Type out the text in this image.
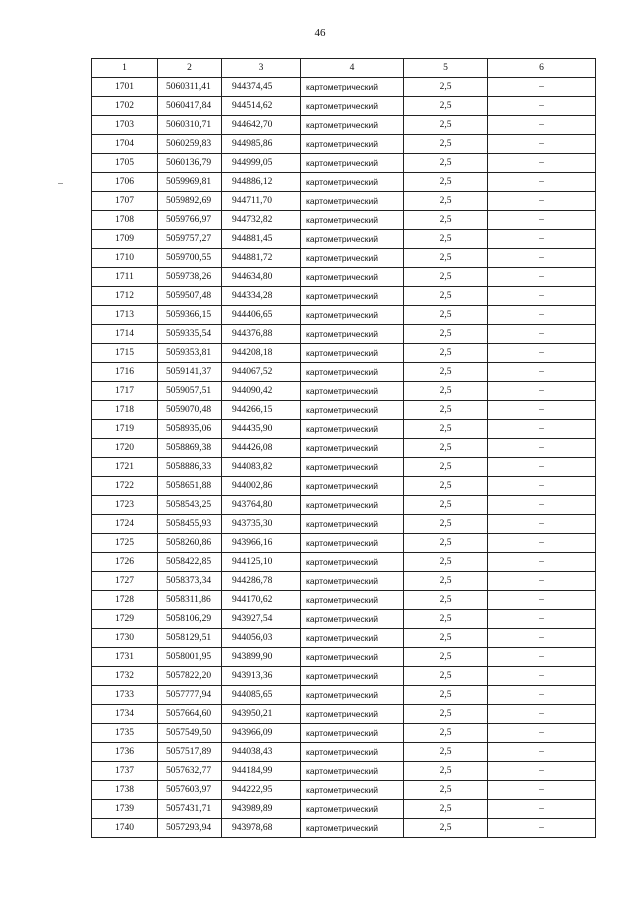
46
1	2	3	4	5	6
1701	5060311,41	944374,45	картометрический	2,5	–
1702	5060417,84	944514,62	картометрический	2,5	–
1703	5060310,71	944642,70	картометрический	2,5	–
1704	5060259,83	944985,86	картометрический	2,5	–
1705	5060136,79	944999,05	картометрический	2,5	–
1706	5059969,81	944886,12	картометрический	2,5	–
1707	5059892,69	944711,70	картометрический	2,5	–
1708	5059766,97	944732,82	картометрический	2,5	–
1709	5059757,27	944881,45	картометрический	2,5	–
1710	5059700,55	944881,72	картометрический	2,5	–
1711	5059738,26	944634,80	картометрический	2,5	–
1712	5059507,48	944334,28	картометрический	2,5	–
1713	5059366,15	944406,65	картометрический	2,5	–
1714	5059335,54	944376,88	картометрический	2,5	–
1715	5059353,81	944208,18	картометрический	2,5	–
1716	5059141,37	944067,52	картометрический	2,5	–
1717	5059057,51	944090,42	картометрический	2,5	–
1718	5059070,48	944266,15	картометрический	2,5	–
1719	5058935,06	944435,90	картометрический	2,5	–
1720	5058869,38	944426,08	картометрический	2,5	–
1721	5058886,33	944083,82	картометрический	2,5	–
1722	5058651,88	944002,86	картометрический	2,5	–
1723	5058543,25	943764,80	картометрический	2,5	–
1724	5058455,93	943735,30	картометрический	2,5	–
1725	5058260,86	943966,16	картометрический	2,5	–
1726	5058422,85	944125,10	картометрический	2,5	–
1727	5058373,34	944286,78	картометрический	2,5	–
1728	5058311,86	944170,62	картометрический	2,5	–
1729	5058106,29	943927,54	картометрический	2,5	–
1730	5058129,51	944056,03	картометрический	2,5	–
1731	5058001,95	943899,90	картометрический	2,5	–
1732	5057822,20	943913,36	картометрический	2,5	–
1733	5057777,94	944085,65	картометрический	2,5	–
1734	5057664,60	943950,21	картометрический	2,5	–
1735	5057549,50	943966,09	картометрический	2,5	–
1736	5057517,89	944038,43	картометрический	2,5	–
1737	5057632,77	944184,99	картометрический	2,5	–
1738	5057603,97	944222,95	картометрический	2,5	–
1739	5057431,71	943989,89	картометрический	2,5	–
1740	5057293,94	943978,68	картометрический	2,5	–
